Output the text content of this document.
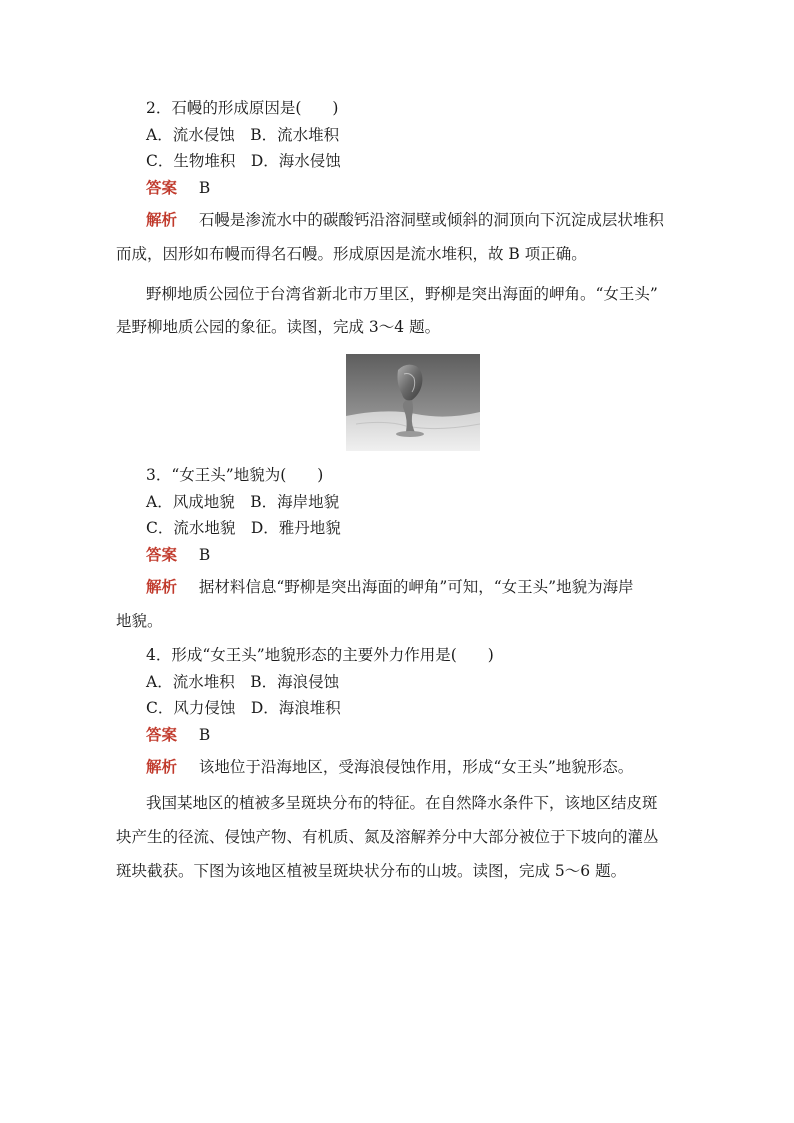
2．石幔的形成原因是(　　)
A．流水侵蚀　B．流水堆积
C．生物堆积　D．海水侵蚀
答案 B
解析 石幔是渗流水中的碳酸钙沿溶洞壁或倾斜的洞顶向下沉淀成层状堆积
而成，因形如布幔而得名石幔。形成原因是流水堆积，故 B 项正确。
野柳地质公园位于台湾省新北市万里区，野柳是突出海面的岬角。“女王头”
是野柳地质公园的象征。读图，完成 3～4 题。
3．“女王头”地貌为(　　)
A．风成地貌　B．海岸地貌
C．流水地貌　D．雅丹地貌
答案 B
解析 据材料信息“野柳是突出海面的岬角”可知，“女王头”地貌为海岸
地貌。
4．形成“女王头”地貌形态的主要外力作用是(　　)
A．流水堆积　B．海浪侵蚀
C．风力侵蚀　D．海浪堆积
答案 B
解析 该地位于沿海地区，受海浪侵蚀作用，形成“女王头”地貌形态。
我国某地区的植被多呈斑块分布的特征。在自然降水条件下，该地区结皮斑
块产生的径流、侵蚀产物、有机质、氮及溶解养分中大部分被位于下坡向的灌丛
斑块截获。下图为该地区植被呈斑块状分布的山坡。读图，完成 5～6 题。
